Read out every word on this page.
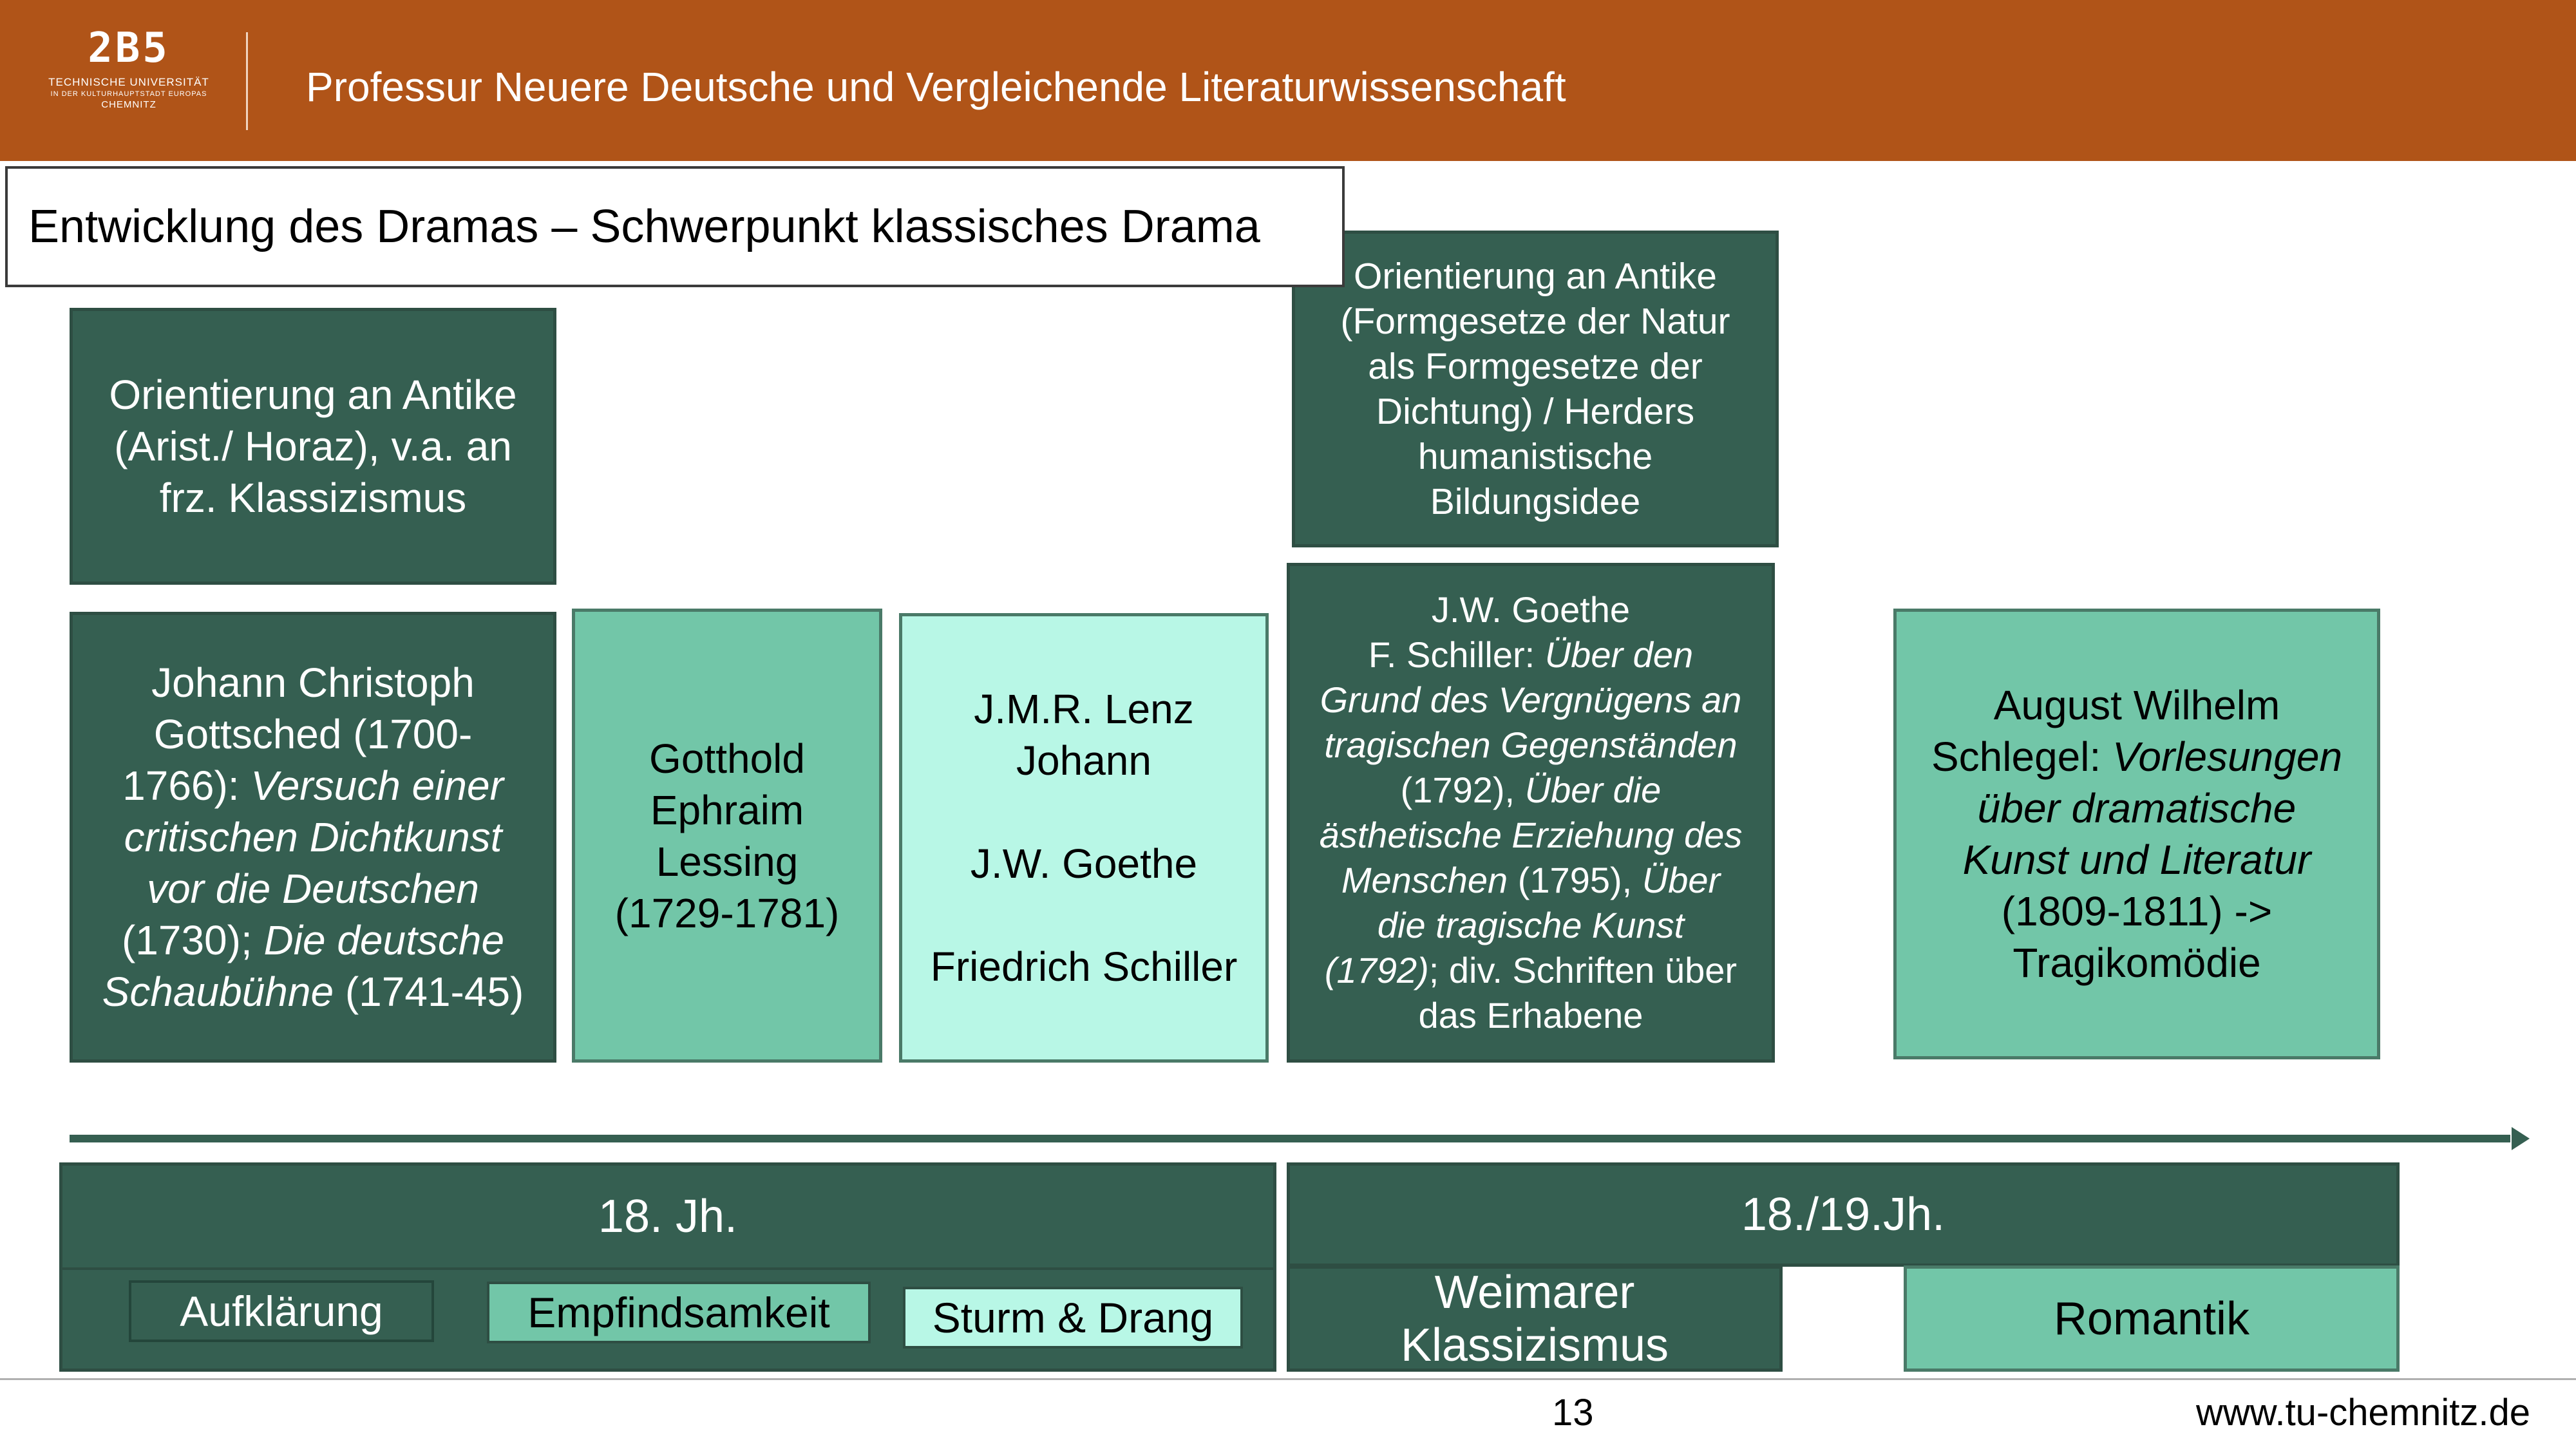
2B5
TECHNISCHE UNIVERSITÄT
IN DER KULTURHAUPTSTADT EUROPAS
CHEMNITZ	Professur Neuere Deutsche und Vergleichende Literaturwissenschaft
Entwicklung des Dramas – Schwerpunkt klassisches Drama
Orientierung an Antike
(Arist./ Horaz), v.a. an
frz. Klassizismus
Orientierung an Antike
(Formgesetze der Natur
als Formgesetze der
Dichtung) / Herders
humanistische
Bildungsidee
Johann Christoph
Gottsched (1700-
1766): Versuch einer
critischen Dichtkunst
vor die Deutschen
(1730); Die deutsche
Schaubühne (1741-45)
Gotthold
Ephraim
Lessing
(1729-1781)
J.M.R. Lenz
Johann
J.W. Goethe
Friedrich Schiller
J.W. Goethe
F. Schiller: Über den
Grund des Vergnügens an
tragischen Gegenständen
(1792), Über die
ästhetische Erziehung des
Menschen (1795), Über
die tragische Kunst
(1792); div. Schriften über
das Erhabene
August Wilhelm
Schlegel: Vorlesungen
über dramatische
Kunst und Literatur
(1809-1811) ->
Tragikomödie
18. Jh.	18./19.Jh.
Aufklärung	Empfindsamkeit	Sturm & Drang	Weimarer
Klassizismus
Romantik
13	www.tu-chemnitz.de
